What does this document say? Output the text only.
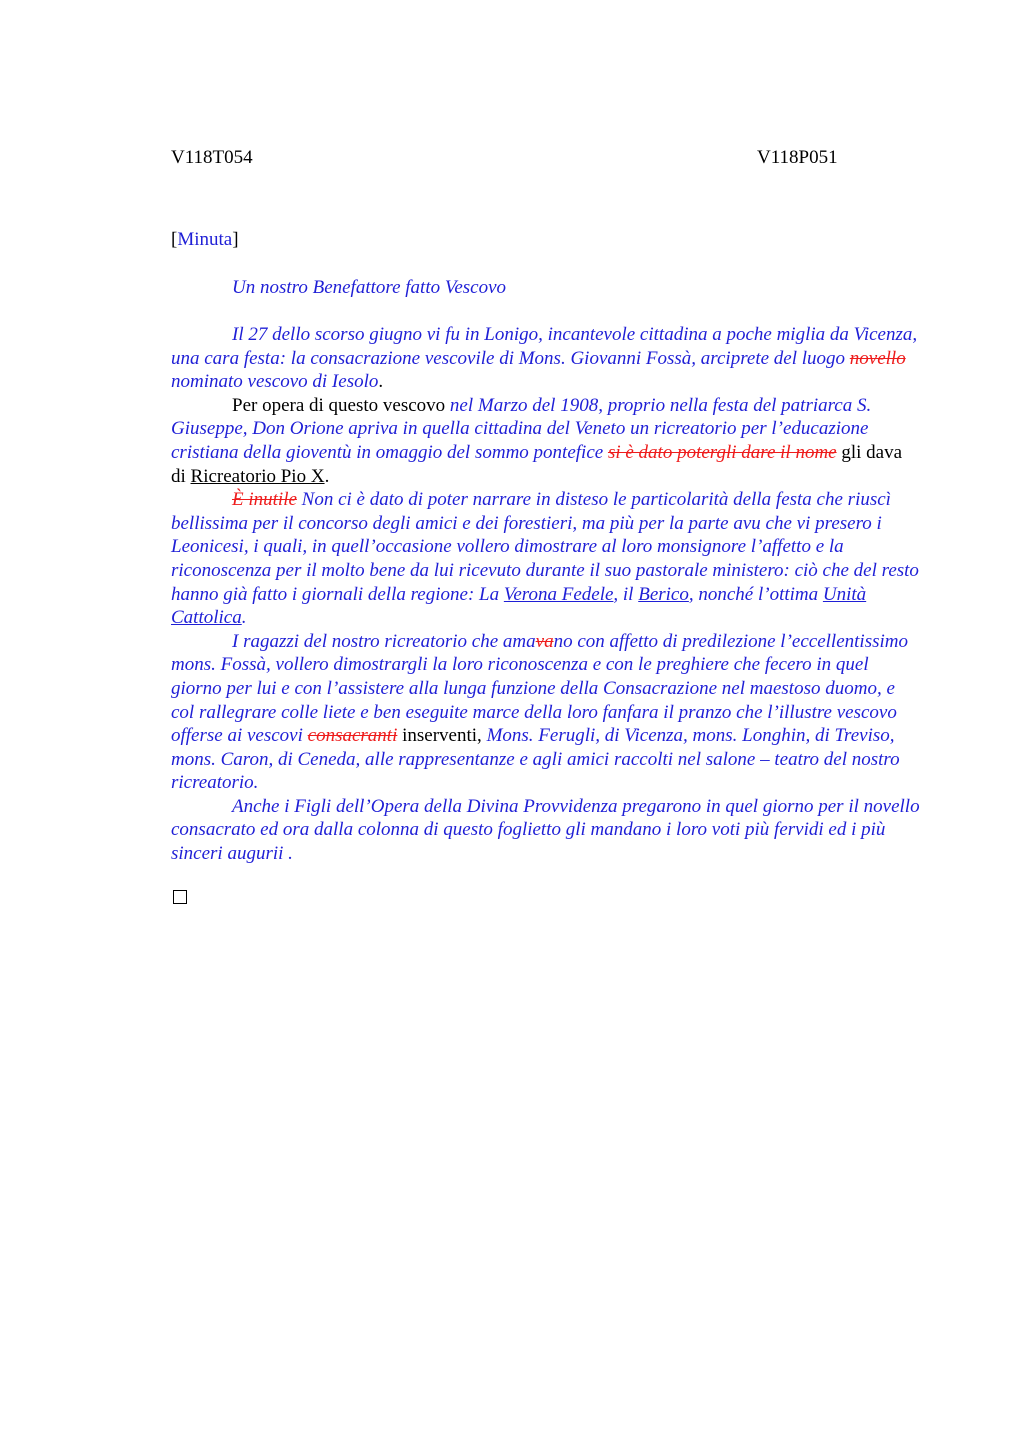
V118T054	V118P051
[Minuta]
Un nostro Benefattore fatto Vescovo

Il 27 dello scorso giugno vi fu in Lonigo, incantevole cittadina a poche miglia da Vicenza, una cara festa: la consacrazione vescovile di Mons. Giovanni Fossà, arciprete del luogo novello nominato vescovo di Iesolo.

Per opera di questo vescovo nel Marzo del 1908, proprio nella festa del patriarca S. Giuseppe, Don Orione apriva in quella cittadina del Veneto un ricreatorio per l’educazione cristiana della gioventù in omaggio del sommo pontefice si è dato potergli dare il nome gli dava di Ricreatorio Pio X.

È inutile Non ci è dato di poter narrare in disteso le particolarità della festa che riuscì bellissima per il concorso degli amici e dei forestieri, ma più per la parte avu che vi presero i Leonicesi, i quali, in quell’occasione vollero dimostrare al loro monsignore l’affetto e la riconoscenza per il molto bene da lui ricevuto durante il suo pastorale ministero: ciò che del resto hanno già fatto i giornali della regione: La Verona Fedele, il Berico, nonché l’ottima Unità Cattolica.

I ragazzi del nostro ricreatorio che amavano con affetto di predilezione l’eccellentissimo mons. Fossà, vollero dimostrargli la loro riconoscenza e con le preghiere che fecero in quel giorno per lui e con l’assistere alla lunga funzione della Consacrazione nel maestoso duomo, e col rallegrare colle liete e ben eseguite marce della loro fanfara il pranzo che l’illustre vescovo offerse ai vescovi consacranti inserventi, Mons. Ferugli, di Vicenza, mons. Longhin, di Treviso, mons. Caron, di Ceneda, alle rappresentanze e agli amici raccolti nel salone – teatro del nostro ricreatorio.

Anche i Figli dell’Opera della Divina Provvidenza pregarono in quel giorno per il novello consacrato ed ora dalla colonna di questo foglietto gli mandano i loro voti più fervidi ed i più sinceri augurii .
